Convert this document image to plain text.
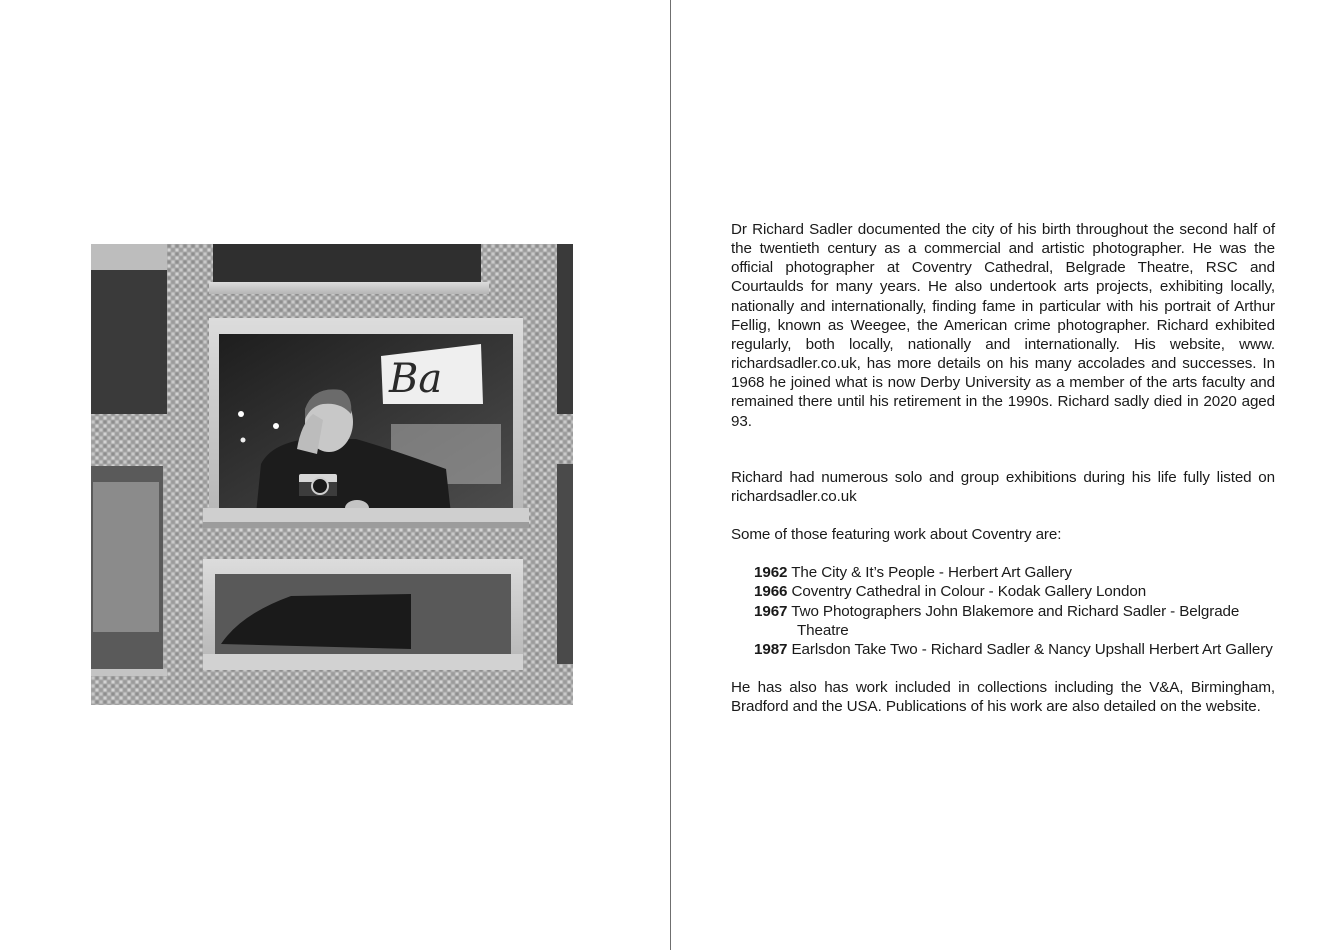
Ba

Dr Richard Sadler documented the city of his birth throughout the second half of the twentieth century as a commercial and artistic photographer. He was the official photographer at Coventry Cathedral, Belgrade Theatre, RSC and Courtaulds for many years. He also undertook arts projects, exhibiting locally, nationally and internationally, finding fame in particular with his portrait of Arthur Fellig, known as Weegee, the American crime photographer. Richard exhibited regularly, both locally, nationally and internationally. His website, www. richardsadler.co.uk, has more details on his many accolades and successes. In 1968 he joined what is now Derby University as a member of the arts faculty and remained there until his retirement in the 1990s. Richard sadly died in 2020 aged 93.

Richard had numerous solo and group exhibitions during his life fully listed on richardsadler.co.uk

Some of those featuring work about Coventry are:

1962 The City & It’s People - Herbert Art Gallery
1966 Coventry Cathedral in Colour - Kodak Gallery London
1967 Two Photographers John Blakemore and Richard Sadler - Belgrade Theatre
1987 Earlsdon Take Two - Richard Sadler & Nancy Upshall Herbert Art Gallery

He has also has work included in collections including the V&A, Birmingham, Bradford and the USA. Publications of his work are also detailed on the website.
